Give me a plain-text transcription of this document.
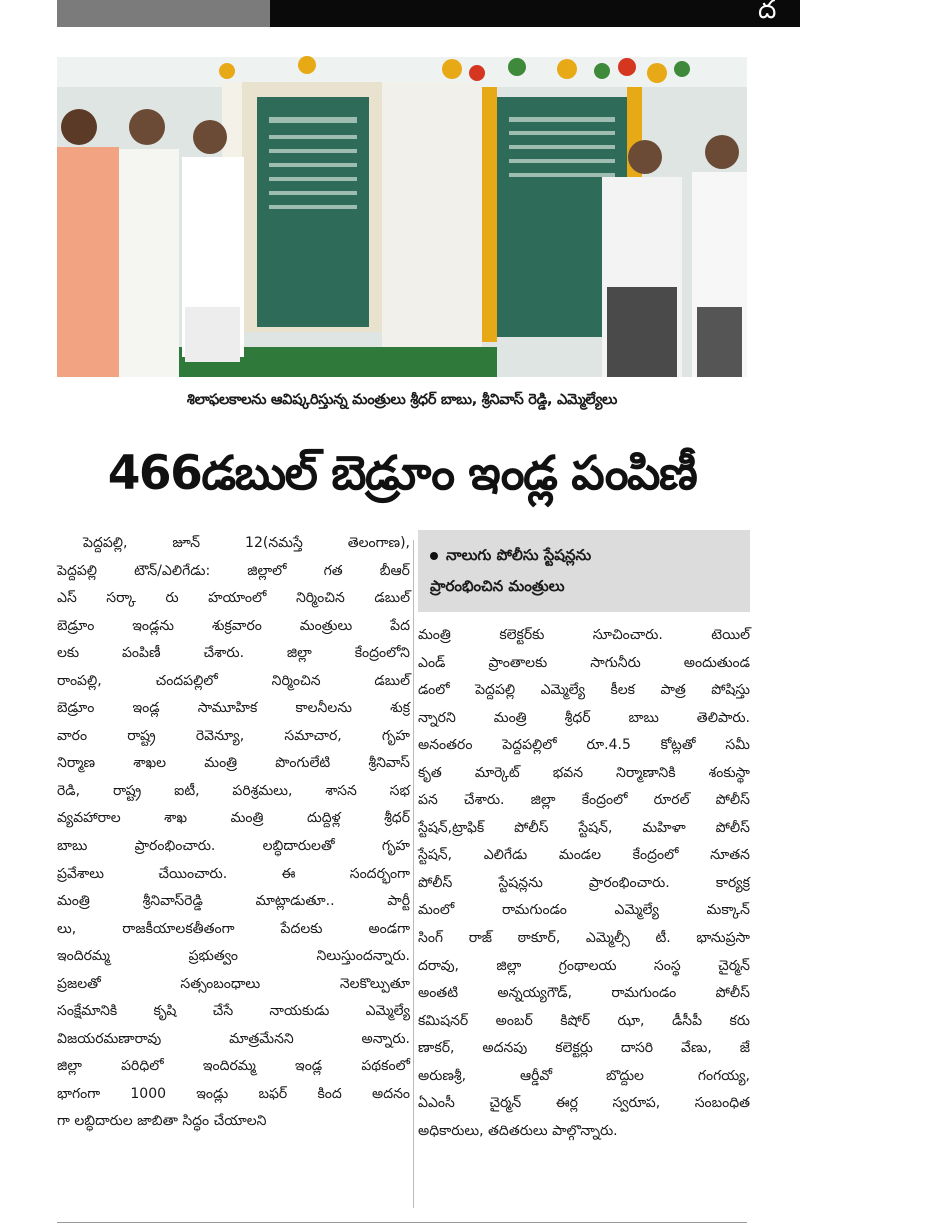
ద	ా
శిలాఫలకాలను ఆవిష్కరిస్తున్న మంత్రులు శ్రీధర్‌ బాబు, శ్రీనివాస్‌ రెడ్డి, ఎమ్మెల్యేలు
466డబుల్‌ బెడ్రూం ఇండ్ల పంపిణీ
పెద్దపల్లి, జూన్‌ 12(నమస్తే తెలంగాణ),
పెద్దపల్లి టౌన్‌/ఎలిగేడు: జిల్లాలో గత బీఆర్‌
ఎస్‌ సర్కా రు హయాంలో నిర్మించిన డబుల్‌
బెడ్రూం ఇండ్లను శుక్రవారం మంత్రులు పేద
లకు పంపిణీ చేశారు. జిల్లా కేంద్రంలోని
రాంపల్లి, చందపల్లిలో నిర్మించిన డబుల్‌
బెడ్రూం ఇండ్ల సామూహిక కాలనీలను శుక్ర
వారం రాష్ట్ర రెవెన్యూ, సమాచార, గృహ
నిర్మాణ శాఖల మంత్రి పొంగులేటి శ్రీనివాస్‌
రెడి, రాష్ట్ర ఐటీ, పరిశ్రమలు, శాసన సభ
వ్యవహారాల శాఖ మంత్రి దుద్దిళ్ల శ్రీధర్‌
బాబు ప్రారంభించారు. లబ్ధిదారులతో గృహ
ప్రవేశాలు చేయించారు. ఈ సందర్భంగా
మంత్రి శ్రీనివాస్‌రెడ్డి మాట్లాడుతూ.. పార్టీ
లు, రాజకీయాలకతీతంగా పేదలకు అండగా
ఇందిరమ్మ ప్రభుత్వం నిలుస్తుందన్నారు.
ప్రజలతో సత్సంబంధాలు నెలకొల్పుతూ
సంక్షేమానికి కృషి చేసే నాయకుడు ఎమ్మెల్యే
విజయరమణారావు మాత్రమేనని అన్నారు.
జిల్లా పరిధిలో ఇందిరమ్మ ఇండ్ల పథకంలో
భాగంగా 1000 ఇండ్లు బఫర్‌ కింద అదనం
గా లబ్ధిదారుల జాబితా సిద్ధం చేయాలని
నాలుగు పోలీసు స్టేషన్లను
ప్రారంభించిన మంత్రులు
మంత్రి కలెక్టర్‌కు సూచించారు. టెయిల్‌
ఎండ్‌ ప్రాంతాలకు సాగునీరు అందుతుండ
డంలో పెద్దపల్లి ఎమ్మెల్యే కీలక పాత్ర పోషిస్తు
న్నారని మంత్రి శ్రీధర్‌ బాబు తెలిపారు.
అనంతరం పెద్దపల్లిలో రూ.4.5 కోట్లతో సమీ
కృత మార్కెట్‌ భవన నిర్మాణానికి శంకుస్థా
పన చేశారు. జిల్లా కేంద్రంలో రూరల్‌ పోలీస్‌
స్టేషన్‌,ట్రాఫిక్‌ పోలీస్‌ స్టేషన్‌, మహిళా పోలీస్‌
స్టేషన్‌, ఎలిగేడు మండల కేంద్రంలో నూతన
పోలీస్‌ స్టేషన్లను ప్రారంభించారు. కార్యక్ర
మంలో రామగుండం ఎమ్మెల్యే మక్కాన్‌
సింగ్‌ రాజ్‌ ఠాకూర్‌, ఎమ్మెల్సీ టీ. భానుప్రసా
దరావు, జిల్లా గ్రంథాలయ సంస్థ చైర్మన్‌
అంతటి అన్నయ్యగౌడ్‌, రామగుండం పోలీస్‌
కమిషనర్‌ అంబర్‌ కిషోర్‌ ఝా, డీసీపీ కరు
ణాకర్‌, అదనపు కలెక్టర్లు దాసరి వేణు, జే
అరుణశ్రీ, ఆర్డీవో బొద్దుల గంగయ్య,
ఏఎంసీ చైర్మన్‌ ఈర్ల స్వరూప, సంబంధిత
అధికారులు, తదితరులు పాల్గొన్నారు.
